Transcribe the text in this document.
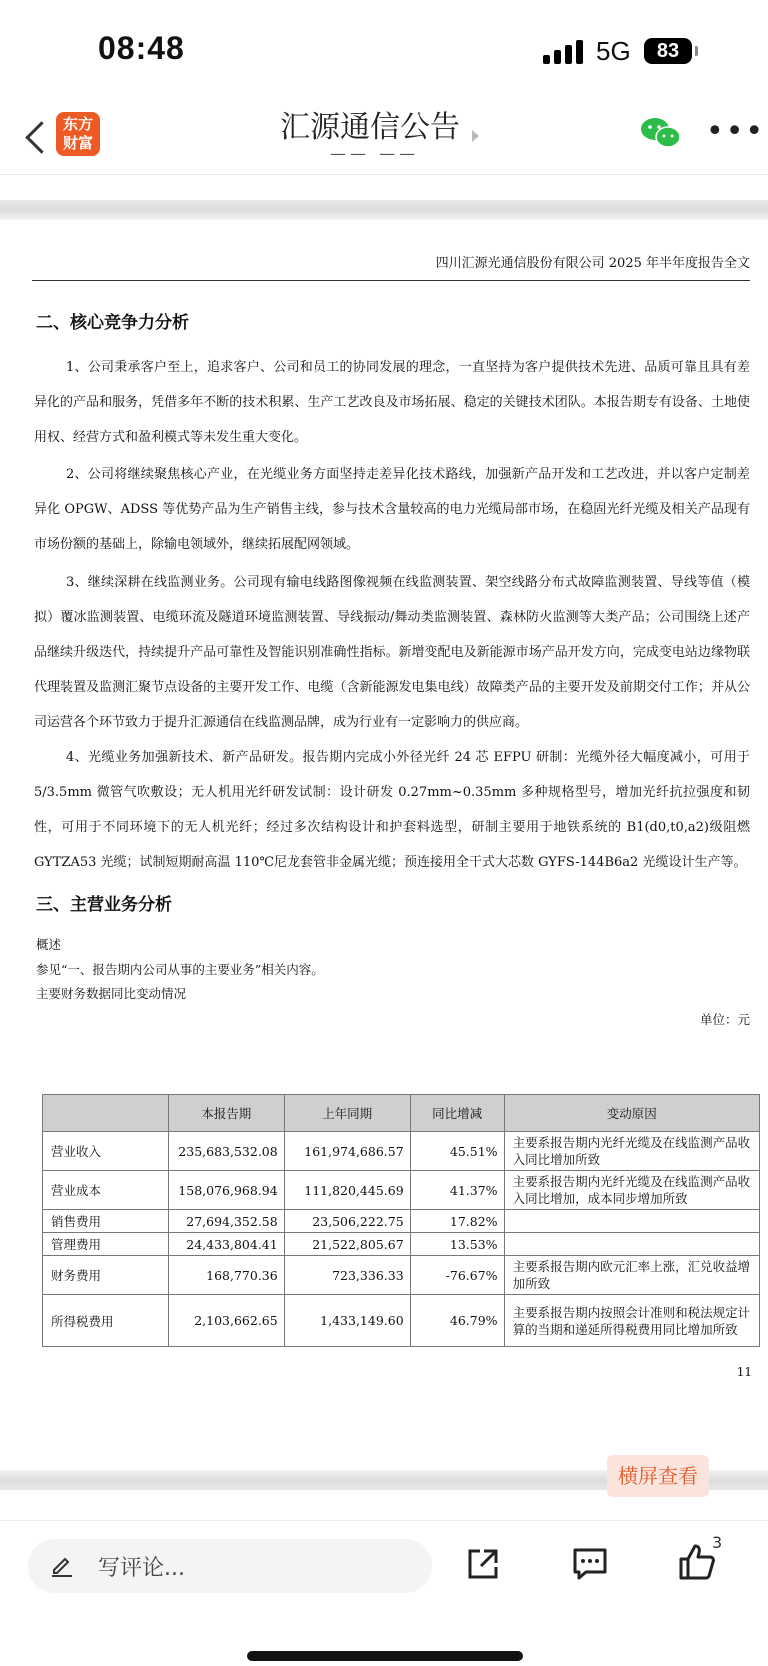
08:48	5G	83
东方
财富	汇源通信公告
—— ——
•••
四川汇源光通信股份有限公司 2025 年半年度报告全文
二、核心竞争力分析
1、公司秉承客户至上，追求客户、公司和员工的协同发展的理念，一直坚持为客户提供技术先进、品质可靠且具有差异化的产品和服务，凭借多年不断的技术积累、生产工艺改良及市场拓展、稳定的关键技术团队。本报告期专有设备、土地使用权、经营方式和盈利模式等未发生重大变化。
2、公司将继续聚焦核心产业，在光缆业务方面坚持走差异化技术路线，加强新产品开发和工艺改进，并以客户定制差异化 OPGW、ADSS 等优势产品为生产销售主线，参与技术含量较高的电力光缆局部市场，在稳固光纤光缆及相关产品现有市场份额的基础上，除输电领域外，继续拓展配网领域。
3、继续深耕在线监测业务。公司现有输电线路图像视频在线监测装置、架空线路分布式故障监测装置、导线等值（模拟）覆冰监测装置、电缆环流及隧道环境监测装置、导线振动/舞动类监测装置、森林防火监测等大类产品；公司围绕上述产品继续升级迭代，持续提升产品可靠性及智能识别准确性指标。新增变配电及新能源市场产品开发方向，完成变电站边缘物联代理装置及监测汇聚节点设备的主要开发工作、电缆（含新能源发电集电线）故障类产品的主要开发及前期交付工作；并从公司运营各个环节致力于提升汇源通信在线监测品牌，成为行业有一定影响力的供应商。
4、光缆业务加强新技术、新产品研发。报告期内完成小外径光纤 24 芯 EFPU 研制：光缆外径大幅度减小，可用于5/3.5mm 微管气吹敷设；无人机用光纤研发试制：设计研发 0.27mm~0.35mm 多种规格型号，增加光纤抗拉强度和韧性，可用于不同环境下的无人机光纤；经过多次结构设计和护套料选型，研制主要用于地铁系统的 B1(d0,t0,a2)级阻燃 GYTZA53 光缆；试制短期耐高温 110℃尼龙套管非金属光缆；预连接用全干式大芯数 GYFS-144B6a2 光缆设计生产等。
三、主营业务分析
概述
参见“一、报告期内公司从事的主要业务”相关内容。
主要财务数据同比变动情况
单位：元
	本报告期	上年同期	同比增减	变动原因
营业收入	235,683,532.08	161,974,686.57	45.51%	主要系报告期内光纤光缆及在线监测产品收入同比增加所致
营业成本	158,076,968.94	111,820,445.69	41.37%	主要系报告期内光纤光缆及在线监测产品收入同比增加，成本同步增加所致
销售费用	27,694,352.58	23,506,222.75	17.82%	
管理费用	24,433,804.41	21,522,805.67	13.53%	
财务费用	168,770.36	723,336.33	-76.67%	主要系报告期内欧元汇率上涨，汇兑收益增加所致
所得税费用	2,103,662.65	1,433,149.60	46.79%	主要系报告期内按照会计准则和税法规定计算的当期和递延所得税费用同比增加所致
11
横屏查看
写评论...
3
